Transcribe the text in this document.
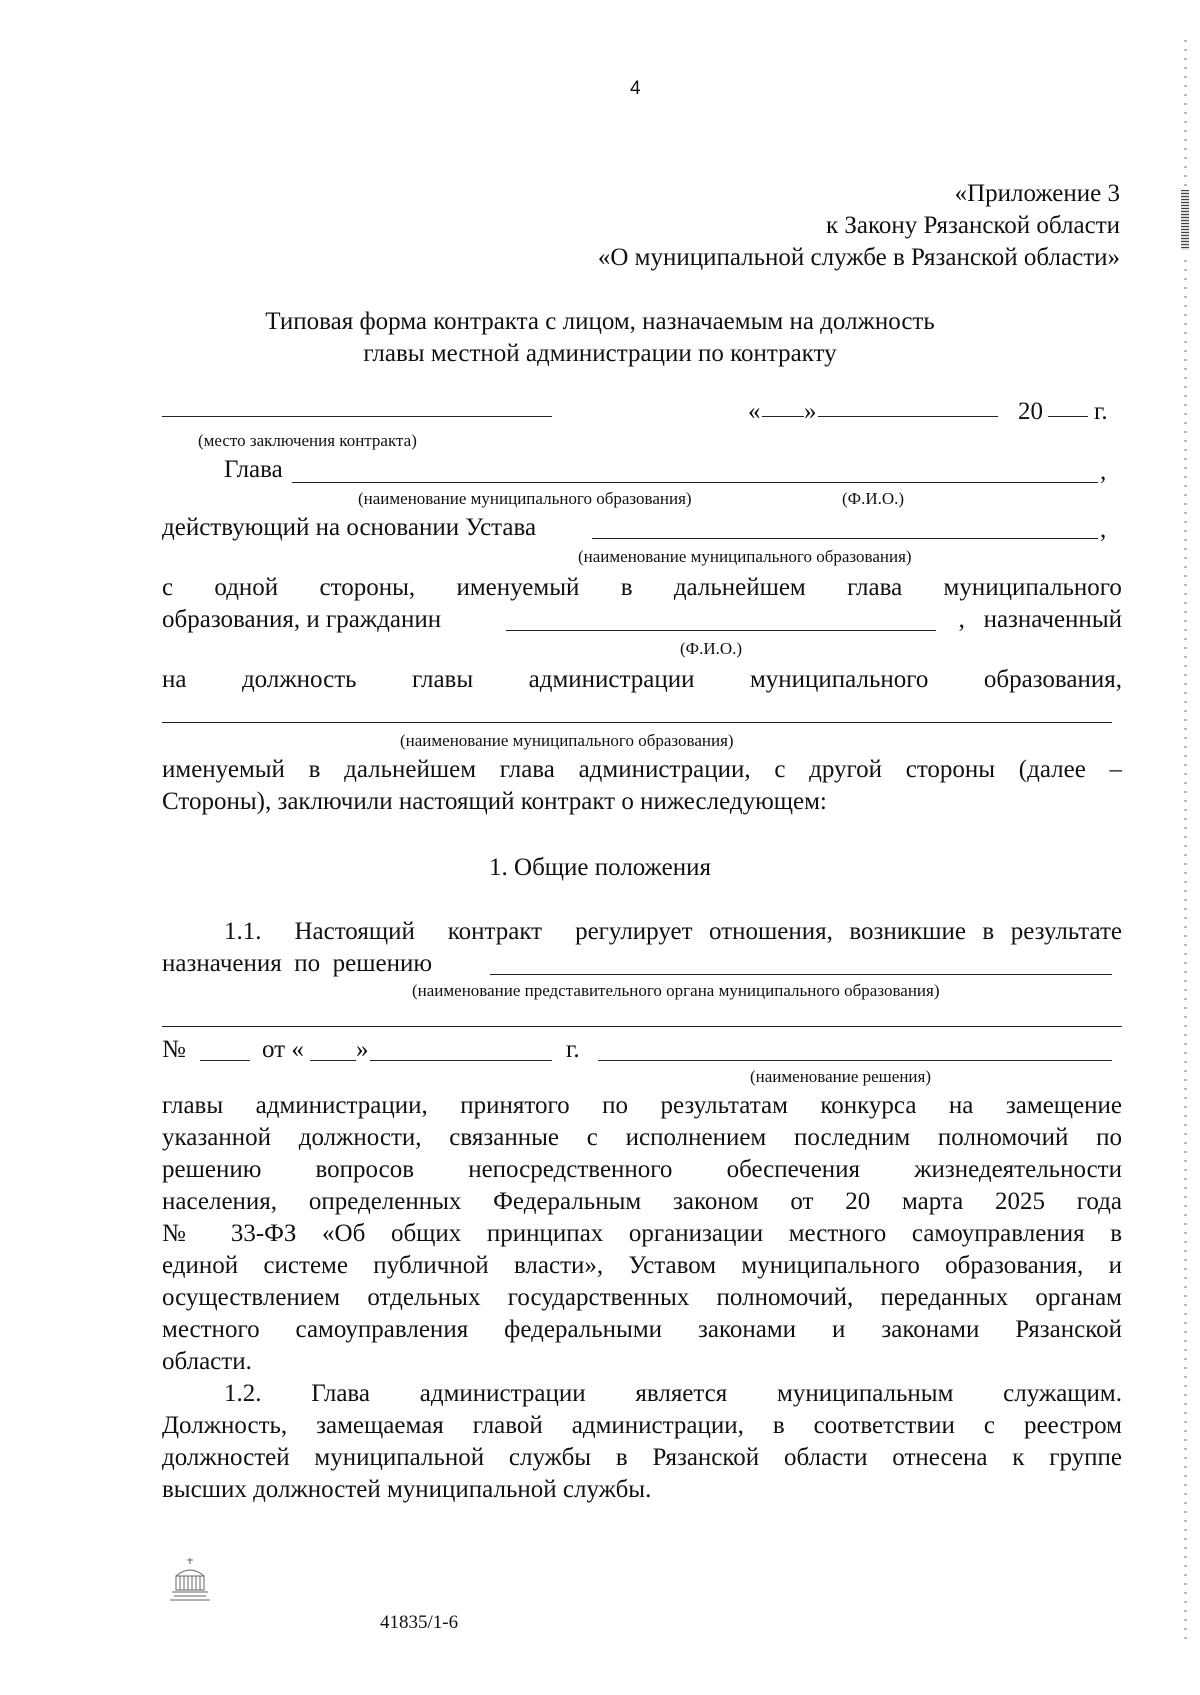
4
«Приложение 3
к Закону Рязанской области
«О муниципальной службе в Рязанской области»
Типовая форма контракта с лицом, назначаемым на должность
главы местной администрации по контракту
« »	20 г.
(место заключения контракта)
Глава	,
(наименование муниципального образования)	(Ф.И.О.)
действующий на основании Устава	,
(наименование муниципального образования)
с одной стороны, именуемый в дальнейшем глава муниципального
образования, и гражданин	,   назначенный
(Ф.И.О.)
на должность главы администрации муниципального образования,
(наименование муниципального образования)
именуемый в дальнейшем глава администрации, с другой стороны (далее –
Стороны), заключили настоящий контракт о нижеследующем:
1. Общие положения
1.1.  Настоящий  контракт  регулирует отношения, возникшие в результате
назначения  по  решению
(наименование представительного органа муниципального образования)
№	от « »	г.
(наименование решения)
главы администрации, принятого по результатам конкурса на замещение
указанной должности, связанные с исполнением последним полномочий по
решению вопросов непосредственного обеспечения жизнедеятельности
населения, определенных Федеральным законом от 20 марта 2025 года
№ 33-ФЗ «Об общих принципах организации местного самоуправления в
единой системе публичной власти», Уставом муниципального образования, и
осуществлением отдельных государственных полномочий, переданных органам
местного самоуправления федеральными законами и законами Рязанской
области.
1.2. Глава администрации является муниципальным служащим.
Должность, замещаемая главой администрации, в соответствии с реестром
должностей муниципальной службы в Рязанской области отнесена к группе
высших должностей муниципальной службы.
41835/1-6
